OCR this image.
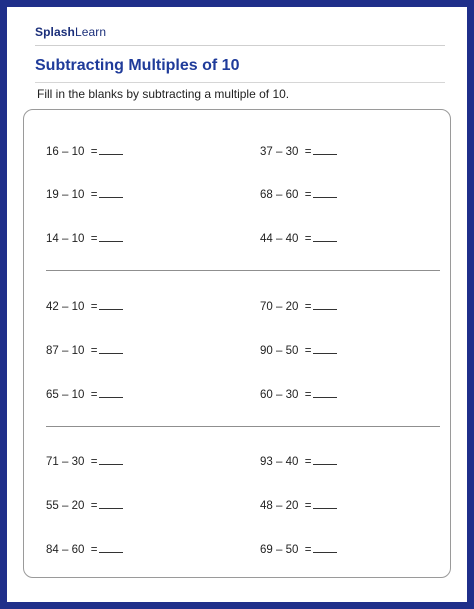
SplashLearn
Subtracting Multiples of 10
Fill in the blanks by subtracting a multiple of 10.
16 – 10  =	37 – 30  =
19 – 10  =	68 – 60  =
14 – 10  =	44 – 40  =
42 – 10  =	70 – 20  =
87 – 10  =	90 – 50  =
65 – 10  =	60 – 30  =
71 – 30  =	93 – 40  =
55 – 20  =	48 – 20  =
84 – 60  =	69 – 50  =
